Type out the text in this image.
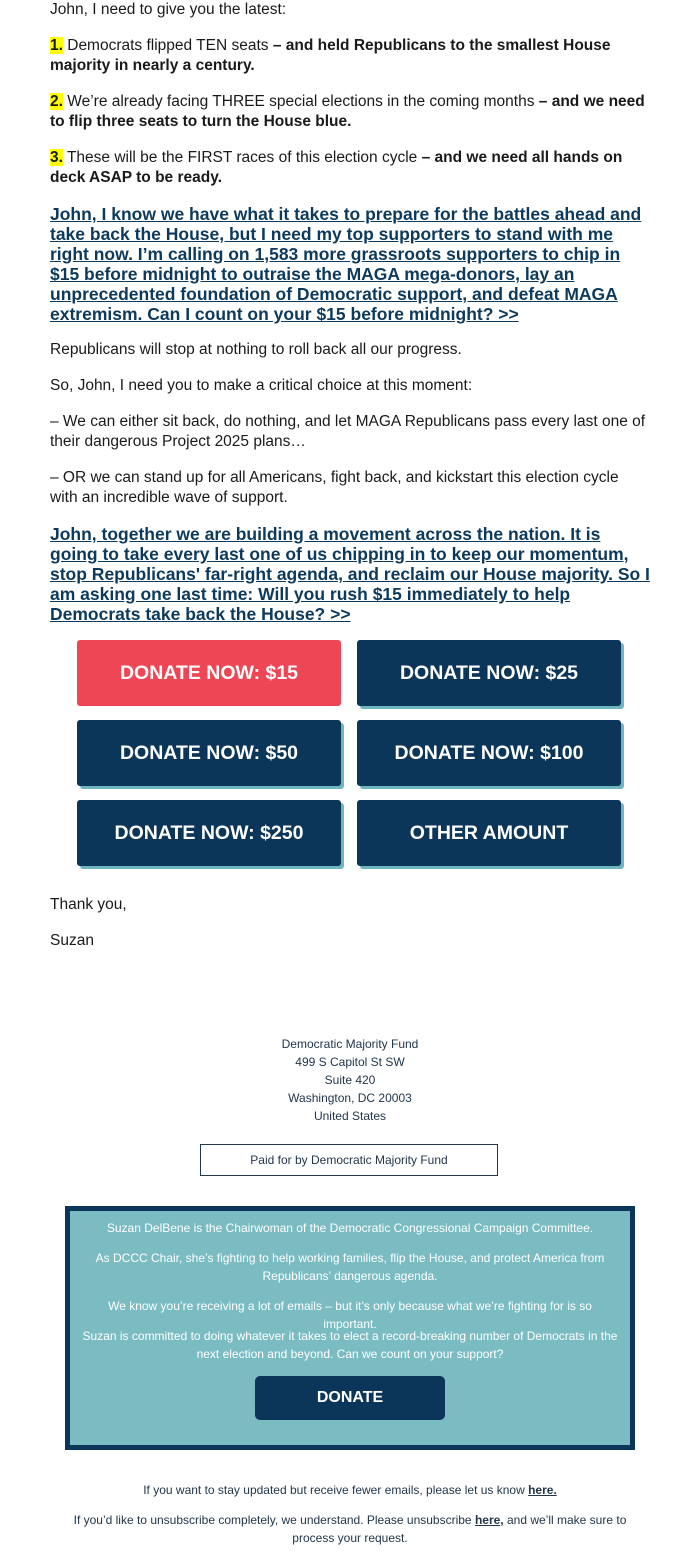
John, I need to give you the latest:

1. Democrats flipped TEN seats – and held Republicans to the smallest House majority in nearly a century.

2. We’re already facing THREE special elections in the coming months – and we need to flip three seats to turn the House blue.

3. These will be the FIRST races of this election cycle – and we need all hands on deck ASAP to be ready.

John, I know we have what it takes to prepare for the battles ahead and take back the House, but I need my top supporters to stand with me right now. I’m calling on 1,583 more grassroots supporters to chip in $15 before midnight to outraise the MAGA mega-donors, lay an unprecedented foundation of Democratic support, and defeat MAGA extremism. Can I count on your $15 before midnight? >>

Republicans will stop at nothing to roll back all our progress.

So, John, I need you to make a critical choice at this moment:

– We can either sit back, do nothing, and let MAGA Republicans pass every last one of their dangerous Project 2025 plans…

– OR we can stand up for all Americans, fight back, and kickstart this election cycle with an incredible wave of support.

John, together we are building a movement across the nation. It is going to take every last one of us chipping in to keep our momentum, stop Republicans' far-right agenda, and reclaim our House majority. So I am asking one last time: Will you rush $15 immediately to help Democrats take back the House? >>
DONATE NOW: $15	DONATE NOW: $25
DONATE NOW: $50	DONATE NOW: $100
DONATE NOW: $250	OTHER AMOUNT

Thank you,

Suzan

Democratic Majority Fund
499 S Capitol St SW
Suite 420
Washington, DC 20003
United States
Paid for by Democratic Majority Fund

Suzan DelBene is the Chairwoman of the Democratic Congressional Campaign Committee.

As DCCC Chair, she’s fighting to help working families, flip the House, and protect America from Republicans’ dangerous agenda.

We know you’re receiving a lot of emails – but it’s only because what we’re fighting for is so important.

Suzan is committed to doing whatever it takes to elect a record-breaking number of Democrats in the next election and beyond. Can we count on your support?

DONATE
If you want to stay updated but receive fewer emails, please let us know here.
If you’d like to unsubscribe completely, we understand. Please unsubscribe here, and we’ll make sure to process your request.
